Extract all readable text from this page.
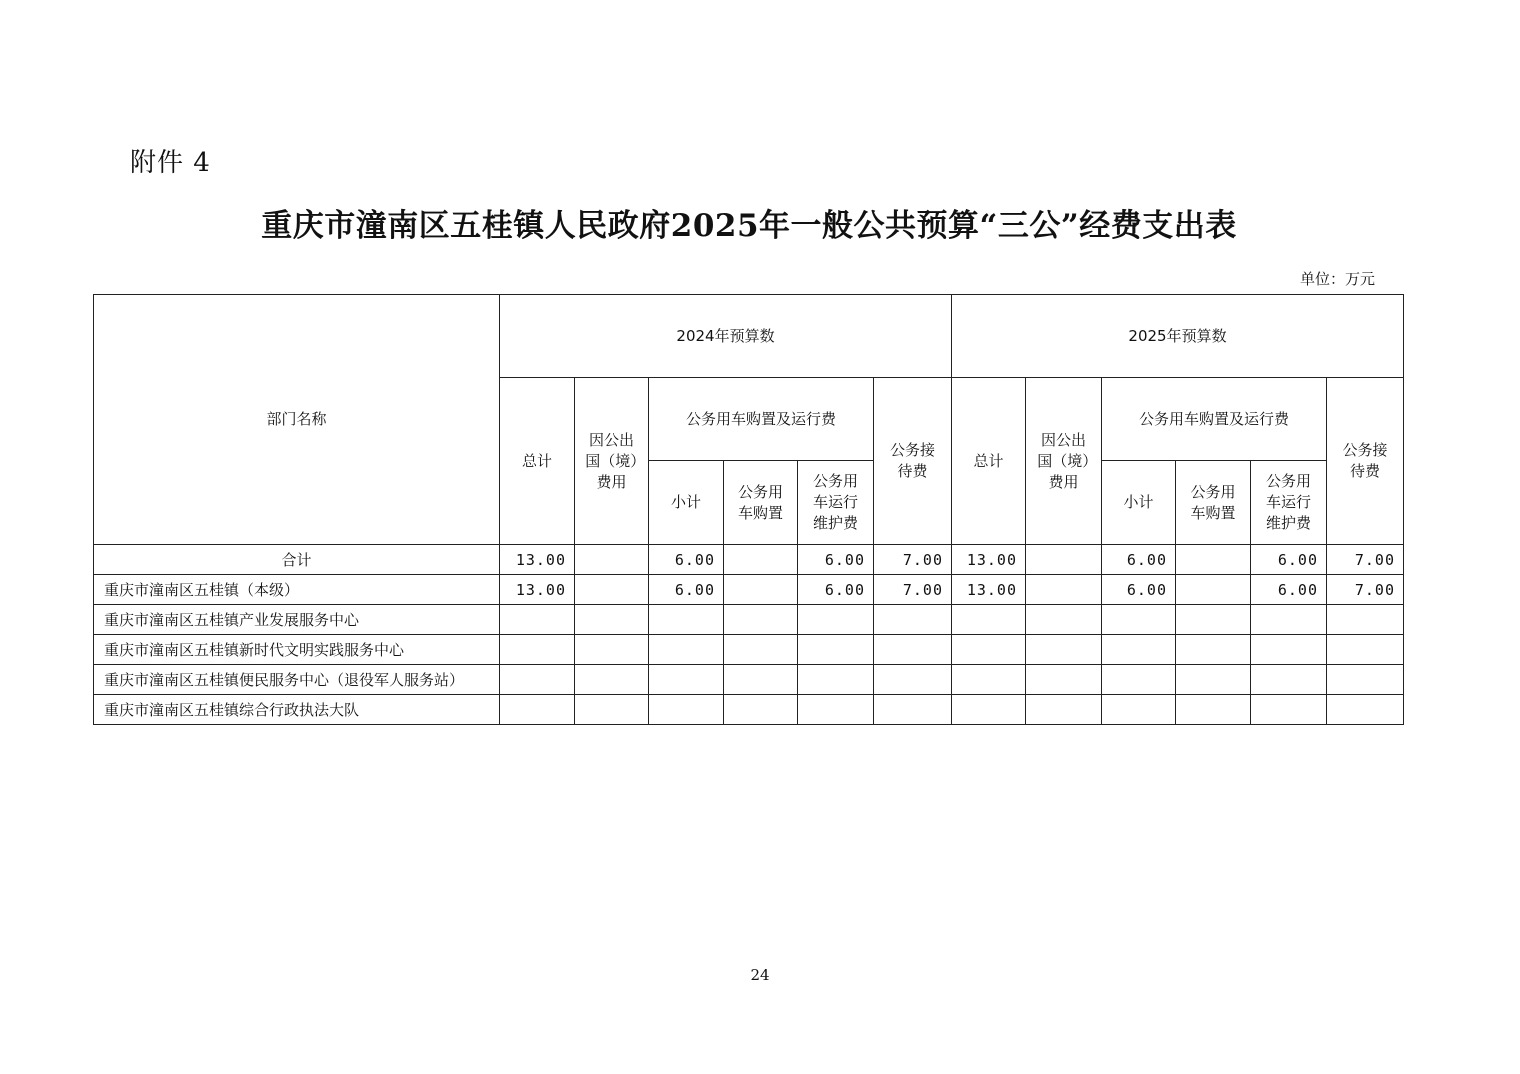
附件 4
重庆市潼南区五桂镇人民政府2025年一般公共预算“三公”经费支出表
单位：万元
部门名称	2024年预算数						2025年预算数					
	总计	因公出国（境）费用	公务用车购置及运行费			公务接待费	总计	因公出国（境）费用	公务用车购置及运行费			公务接待费
			小计	公务用车购置	公务用车运行维护费				小计	公务用车购置	公务用车运行维护费	
合计	13.00		6.00		6.00	7.00	13.00		6.00		6.00	7.00
重庆市潼南区五桂镇（本级）	13.00		6.00		6.00	7.00	13.00		6.00		6.00	7.00
重庆市潼南区五桂镇产业发展服务中心												
重庆市潼南区五桂镇新时代文明实践服务中心												
重庆市潼南区五桂镇便民服务中心（退役军人服务站）												
重庆市潼南区五桂镇综合行政执法大队												
24
